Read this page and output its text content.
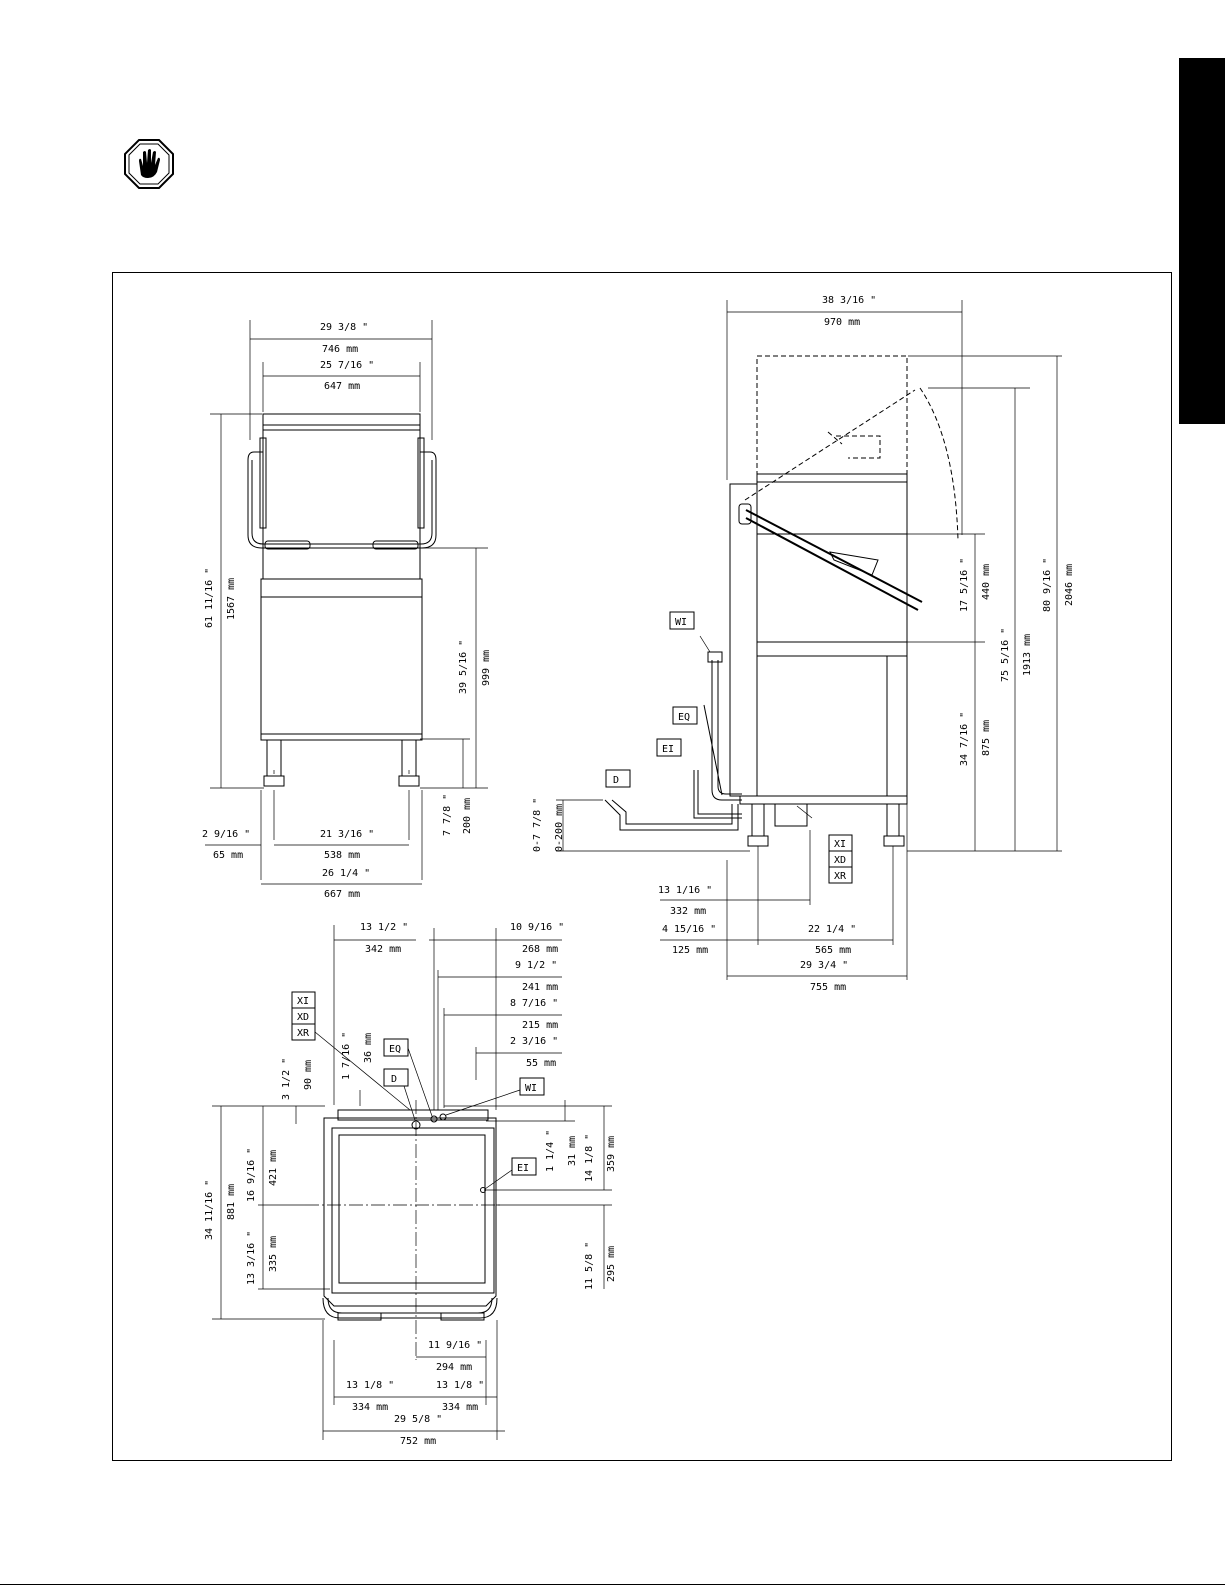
29 3/8 "
746 mm
25 7/16 "
647 mm
61 11/16 " 1567 mm
39 5/16 " 999 mm
7 7/8 " 200 mm
2 9/16 "
65 mm
21 3/16 "
538 mm
26 1/4 "
667 mm
38 3/16 "
970 mm
80 9/16 " 2046 mm
75 5/16 " 1913 mm
17 5/16 " 440 mm
34 7/16 " 875 mm
0-7 7/8 " 0-200 mm
13 1/16 "
332 mm
4 15/16 "
125 mm
22 1/4 "
565 mm
29 3/4 "
755 mm
WI
EQ
EI
D
XI
XD
XR
13 1/2 "
342 mm
10 9/16 "
268 mm
9 1/2 "
241 mm
8 7/16 "
215 mm
2 3/16 "
55 mm
1 7/16 " 36 mm
3 1/2 " 90 mm
1 1/4 " 31 mm 14 1/8 " 359 mm
11 5/8 " 295 mm
16 9/16 " 421 mm
13 3/16 " 335 mm
34 11/16 " 881 mm
11 9/16 "
294 mm
13 1/8 "
334 mm
13 1/8 "
334 mm
29 5/8 "
752 mm
XI
XD
XR
EQ
D
WI
EI
